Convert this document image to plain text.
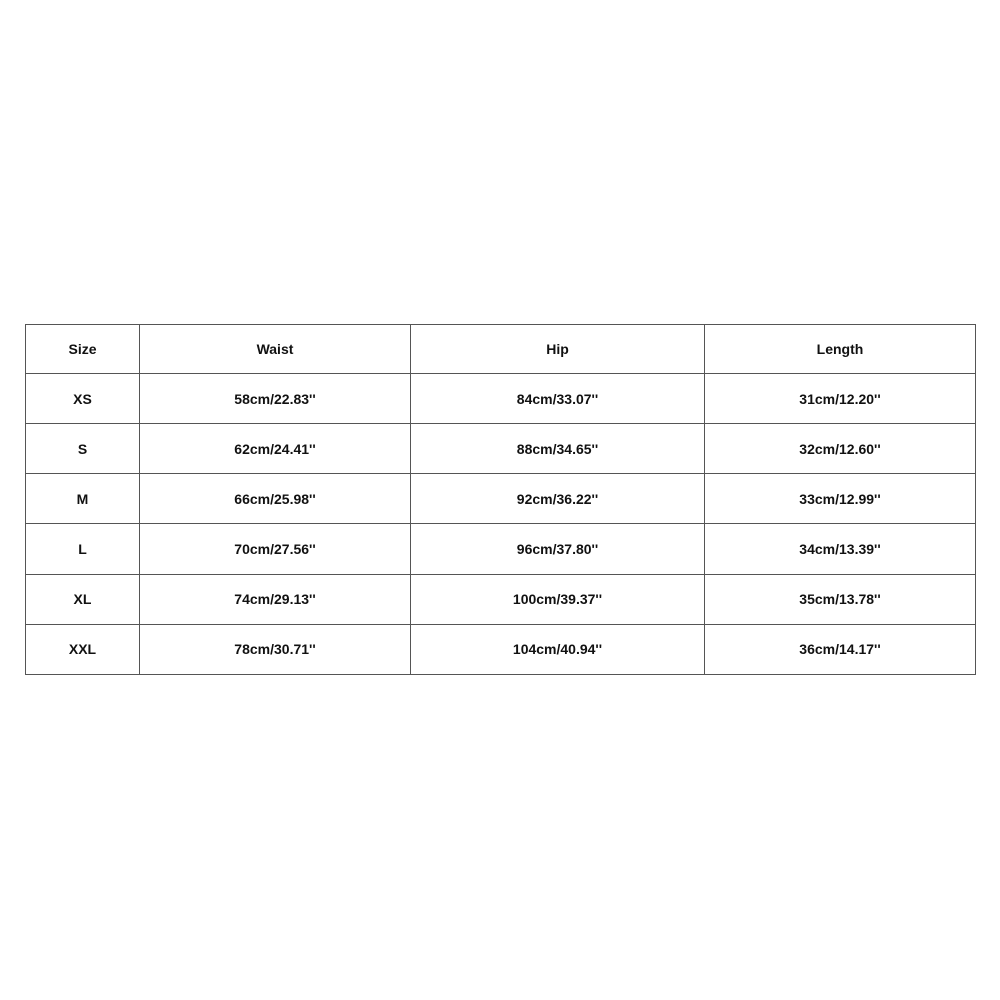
Size	Waist	Hip	Length
XS	58cm/22.83''	84cm/33.07''	31cm/12.20''
S	62cm/24.41''	88cm/34.65''	32cm/12.60''
M	66cm/25.98''	92cm/36.22''	33cm/12.99''
L	70cm/27.56''	96cm/37.80''	34cm/13.39''
XL	74cm/29.13''	100cm/39.37''	35cm/13.78''
XXL	78cm/30.71''	104cm/40.94''	36cm/14.17''
